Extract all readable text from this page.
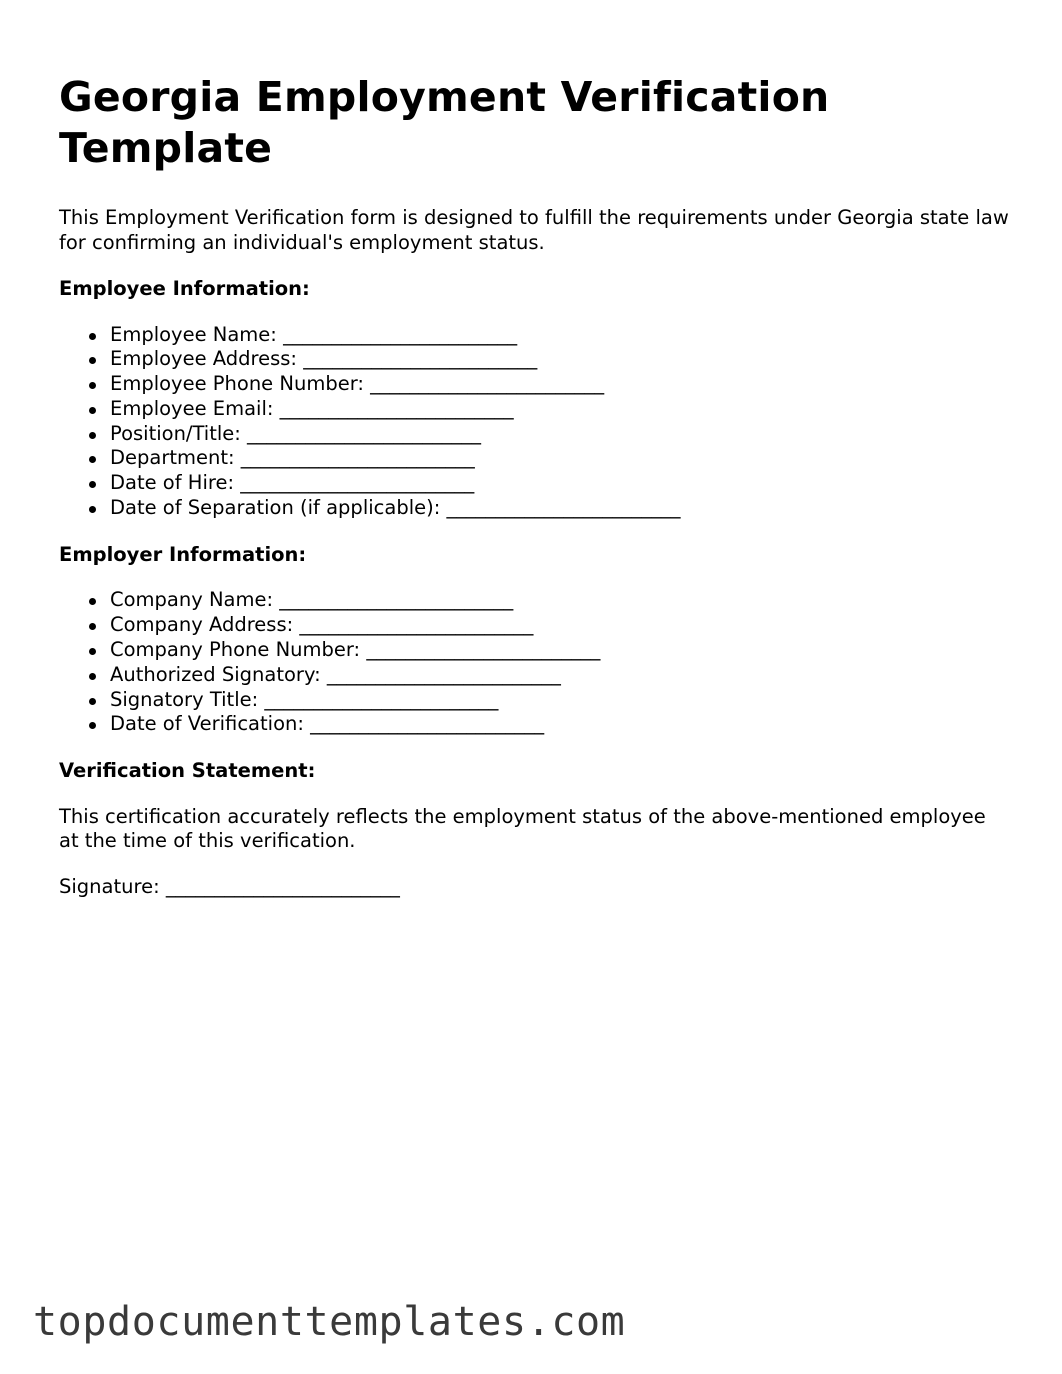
Georgia Employment Verification Template

This Employment Verification form is designed to fulfill the requirements under Georgia state law for confirming an individual's employment status.

Employee Information:

Employee Name: ________________________
Employee Address: ________________________
Employee Phone Number: ________________________
Employee Email: ________________________
Position/Title: ________________________
Department: ________________________
Date of Hire: ________________________
Date of Separation (if applicable): ________________________

Employer Information:

Company Name: ________________________
Company Address: ________________________
Company Phone Number: ________________________
Authorized Signatory: ________________________
Signatory Title: ________________________
Date of Verification: ________________________

Verification Statement:

This certification accurately reflects the employment status of the above-mentioned employee at the time of this verification.

Signature: ________________________

topdocumenttemplates.com
